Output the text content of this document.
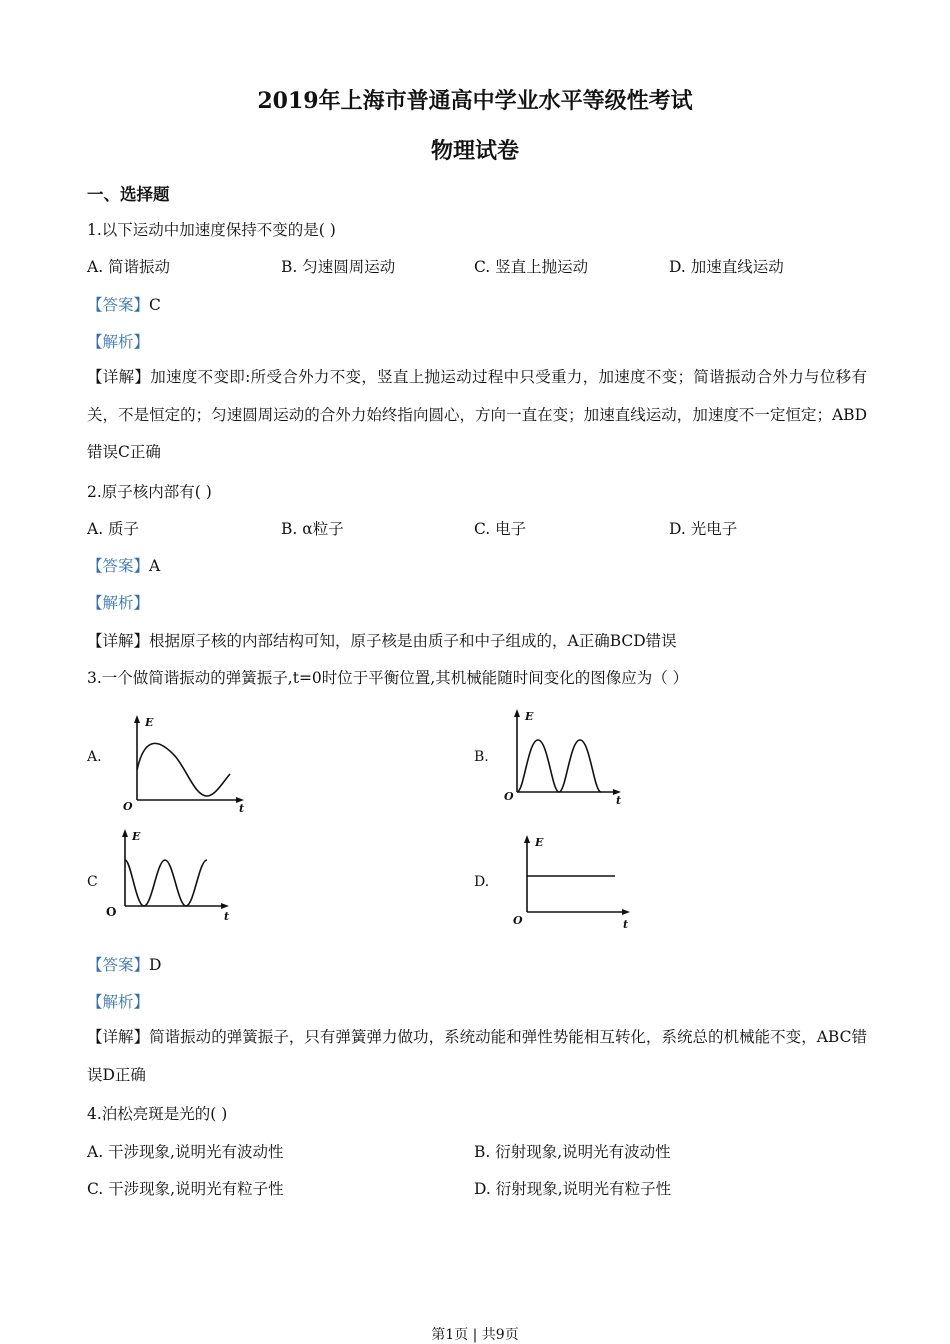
2019年上海市普通高中学业水平等级性考试
物理试卷
一、选择题
1.以下运动中加速度保持不变的是( )
A. 简谐振动	B. 匀速圆周运动	C. 竖直上抛运动	D. 加速直线运动
【答案】C
【解析】
【详解】加速度不变即:所受合外力不变，竖直上抛运动过程中只受重力，加速度不变；简谐振动合外力与位移有关，不是恒定的；匀速圆周运动的合外力始终指向圆心，方向一直在变；加速直线运动，加速度不一定恒定；ABD错误C正确
2.原子核内部有( )
A. 质子	B. α粒子	C. 电子	D. 光电子
【答案】A
【解析】
【详解】根据原子核的内部结构可知，原子核是由质子和中子组成的，A正确BCD错误
3.一个做简谐振动的弹簧振子,t=0时位于平衡位置,其机械能随时间变化的图像应为（ ）
A.
E
O	t
B.
E
O	t
C
E
O	t
D.
E
O	t
【答案】D
【解析】
【详解】简谐振动的弹簧振子，只有弹簧弹力做功，系统动能和弹性势能相互转化，系统总的机械能不变，ABC错误D正确
4.泊松亮斑是光的( )
A. 干涉现象,说明光有波动性	B. 衍射现象,说明光有波动性
C. 干涉现象,说明光有粒子性	D. 衍射现象,说明光有粒子性
第1页 | 共9页
